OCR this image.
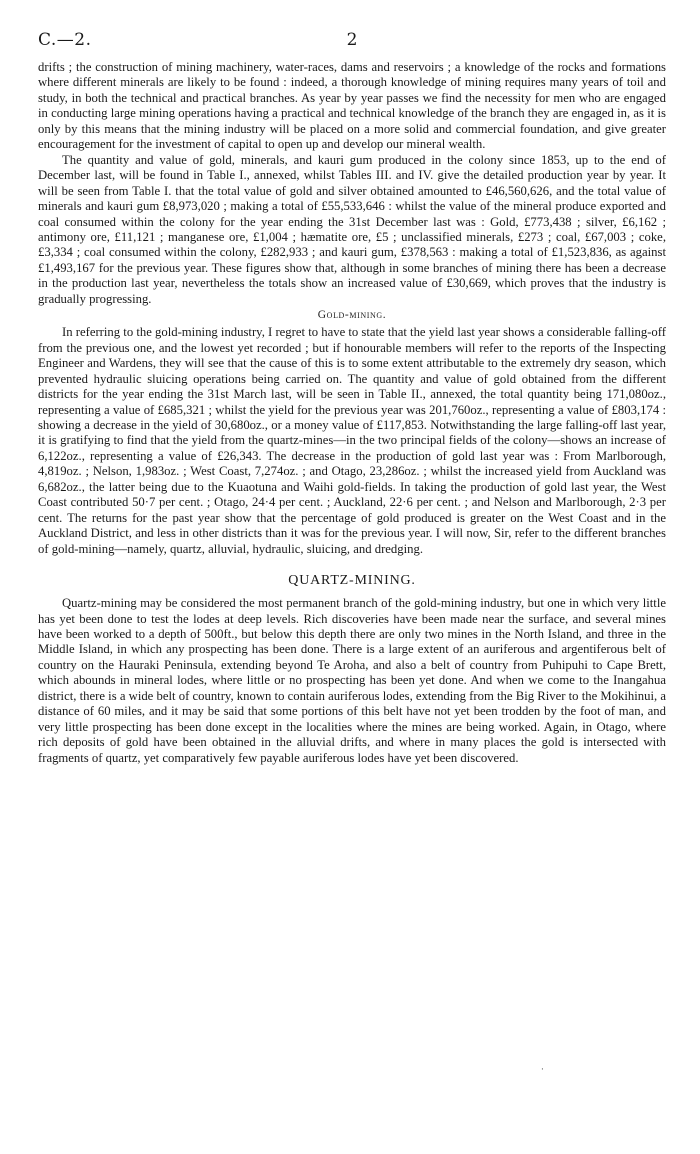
C.—2.	2

drifts ; the construction of mining machinery, water-races, dams and reservoirs ; a knowledge of the rocks and formations where different minerals are likely to be found : indeed, a thorough knowledge of mining requires many years of toil and study, in both the technical and practical branches. As year by year passes we find the necessity for men who are engaged in conducting large mining operations having a practical and technical knowledge of the branch they are engaged in, as it is only by this means that the mining industry will be placed on a more solid and commercial foundation, and give greater encouragement for the investment of capital to open up and develop our mineral wealth.

The quantity and value of gold, minerals, and kauri gum produced in the colony since 1853, up to the end of December last, will be found in Table I., annexed, whilst Tables III. and IV. give the detailed production year by year. It will be seen from Table I. that the total value of gold and silver obtained amounted to £46,560,626, and the total value of minerals and kauri gum £8,973,020 ; making a total of £55,533,646 : whilst the value of the mineral produce exported and coal consumed within the colony for the year ending the 31st December last was : Gold, £773,438 ; silver, £6,162 ; antimony ore, £11,121 ; manganese ore, £1,004 ; hæmatite ore, £5 ; unclassified minerals, £273 ; coal, £67,003 ; coke, £3,334 ; coal consumed within the colony, £282,933 ; and kauri gum, £378,563 : making a total of £1,523,836, as against £1,493,167 for the previous year. These figures show that, although in some branches of mining there has been a decrease in the production last year, nevertheless the totals show an increased value of £30,669, which proves that the industry is gradually progressing.

Gold-mining.

In referring to the gold-mining industry, I regret to have to state that the yield last year shows a considerable falling-off from the previous one, and the lowest yet recorded ; but if honourable members will refer to the reports of the Inspecting Engineer and Wardens, they will see that the cause of this is to some extent attributable to the extremely dry season, which prevented hydraulic sluicing operations being carried on. The quantity and value of gold obtained from the different districts for the year ending the 31st March last, will be seen in Table II., annexed, the total quantity being 171,080oz., representing a value of £685,321 ; whilst the yield for the previous year was 201,760oz., representing a value of £803,174 : showing a decrease in the yield of 30,680oz., or a money value of £117,853. Notwithstanding the large falling-off last year, it is gratifying to find that the yield from the quartz-mines—in the two principal fields of the colony—shows an increase of 6,122oz., representing a value of £26,343. The decrease in the production of gold last year was : From Marlborough, 4,819oz. ; Nelson, 1,983oz. ; West Coast, 7,274oz. ; and Otago, 23,286oz. ; whilst the increased yield from Auckland was 6,682oz., the latter being due to the Kuaotuna and Waihi gold-fields. In taking the production of gold last year, the West Coast contributed 50·7 per cent. ; Otago, 24·4 per cent. ; Auckland, 22·6 per cent. ; and Nelson and Marlborough, 2·3 per cent. The returns for the past year show that the percentage of gold produced is greater on the West Coast and in the Auckland District, and less in other districts than it was for the previous year. I will now, Sir, refer to the different branches of gold-mining—namely, quartz, alluvial, hydraulic, sluicing, and dredging.

QUARTZ-MINING.

Quartz-mining may be considered the most permanent branch of the gold-mining industry, but one in which very little has yet been done to test the lodes at deep levels. Rich discoveries have been made near the surface, and several mines have been worked to a depth of 500ft., but below this depth there are only two mines in the North Island, and three in the Middle Island, in which any prospecting has been done. There is a large extent of an auriferous and argentiferous belt of country on the Hauraki Peninsula, extending beyond Te Aroha, and also a belt of country from Puhipuhi to Cape Brett, which abounds in mineral lodes, where little or no prospecting has been yet done. And when we come to the Inangahua district, there is a wide belt of country, known to contain auriferous lodes, extending from the Big River to the Mokihinui, a distance of 60 miles, and it may be said that some portions of this belt have not yet been trodden by the foot of man, and very little prospecting has been done except in the localities where the mines are being worked. Again, in Otago, where rich deposits of gold have been obtained in the alluvial drifts, and where in many places the gold is intersected with fragments of quartz, yet comparatively few payable auriferous lodes have yet been discovered.

·
